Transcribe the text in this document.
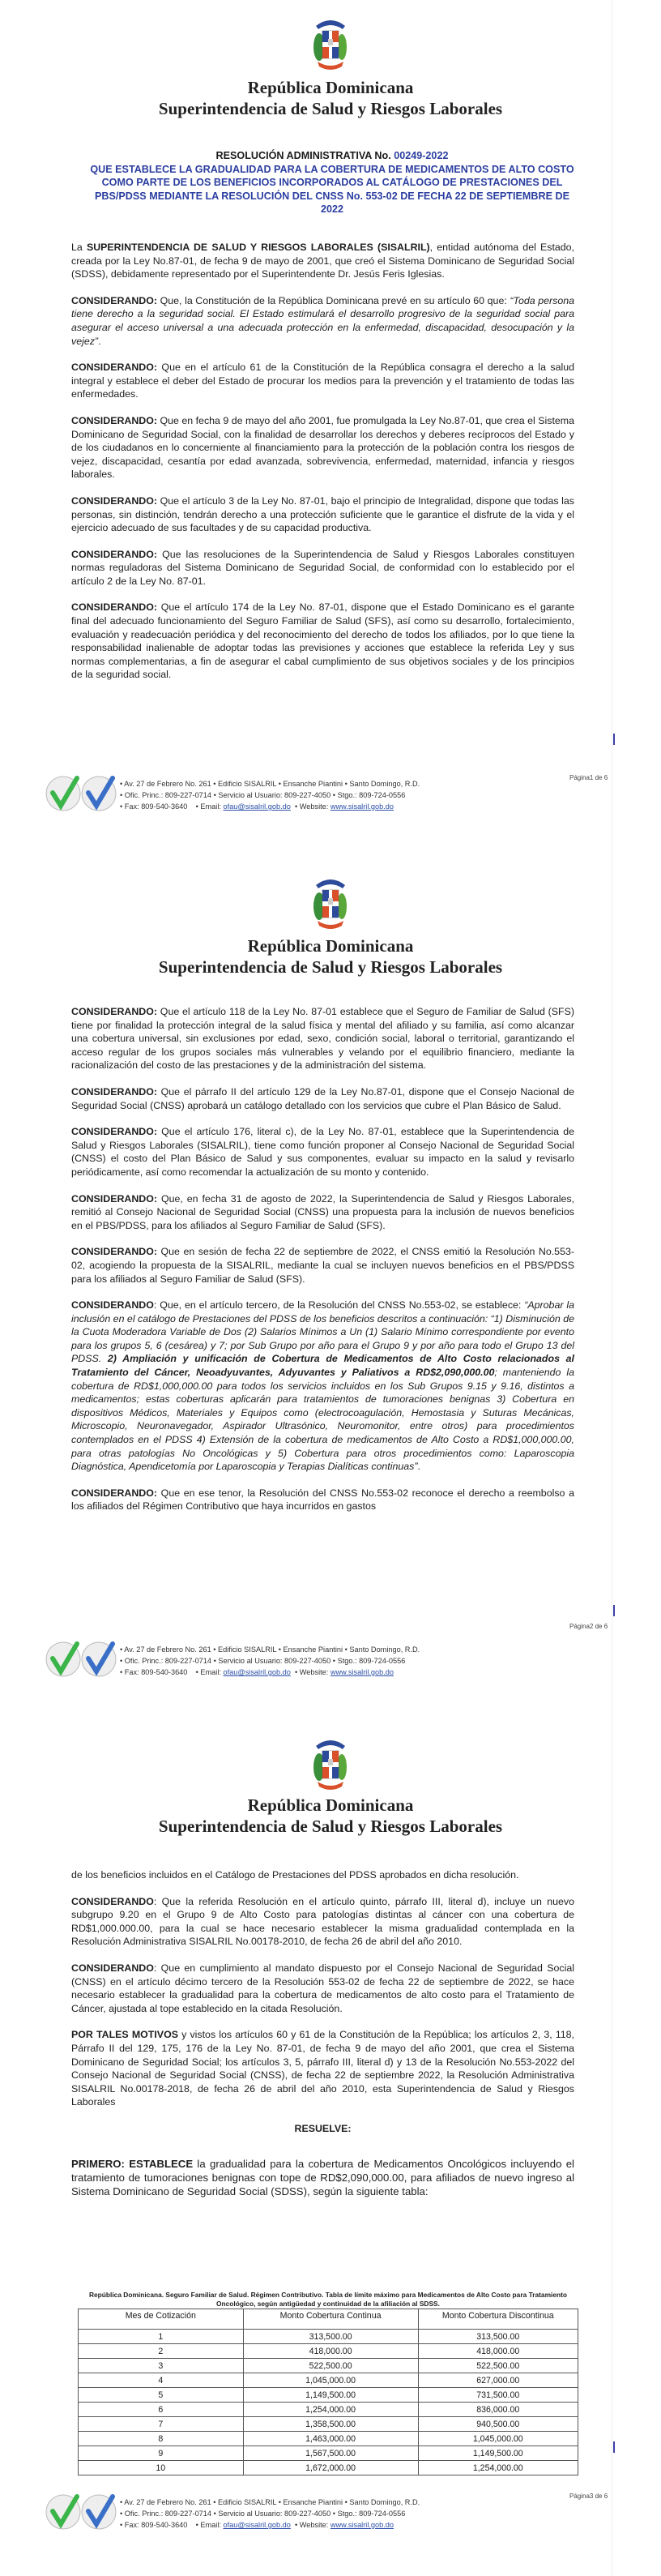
República Dominicana
Superintendencia de Salud y Riesgos Laborales
RESOLUCIÓN ADMINISTRATIVA No. 00249-2022
QUE ESTABLECE LA GRADUALIDAD PARA LA COBERTURA DE MEDICAMENTOS DE ALTO COSTO COMO PARTE DE LOS BENEFICIOS INCORPORADOS AL CATÁLOGO DE PRESTACIONES DEL PBS/PDSS MEDIANTE LA RESOLUCIÓN DEL CNSS No. 553-02 DE FECHA 22 DE SEPTIEMBRE DE 2022

La SUPERINTENDENCIA DE SALUD Y RIESGOS LABORALES (SISALRIL), entidad autónoma del Estado, creada por la Ley No.87-01, de fecha 9 de mayo de 2001, que creó el Sistema Dominicano de Seguridad Social (SDSS), debidamente representado por el Superintendente Dr. Jesús Feris Iglesias.

CONSIDERANDO: Que, la Constitución de la República Dominicana prevé en su artículo 60 que: “Toda persona tiene derecho a la seguridad social. El Estado estimulará el desarrollo progresivo de la seguridad social para asegurar el acceso universal a una adecuada protección en la enfermedad, discapacidad, desocupación y la vejez”.

CONSIDERANDO: Que en el artículo 61 de la Constitución de la República consagra el derecho a la salud integral y establece el deber del Estado de procurar los medios para la prevención y el tratamiento de todas las enfermedades.

CONSIDERANDO: Que en fecha 9 de mayo del año 2001, fue promulgada la Ley No.87-01, que crea el Sistema Dominicano de Seguridad Social, con la finalidad de desarrollar los derechos y deberes recíprocos del Estado y de los ciudadanos en lo concerniente al financiamiento para la protección de la población contra los riesgos de vejez, discapacidad, cesantía por edad avanzada, sobrevivencia, enfermedad, maternidad, infancia y riesgos laborales.

CONSIDERANDO: Que el artículo 3 de la Ley No. 87-01, bajo el principio de Integralidad, dispone que todas las personas, sin distinción, tendrán derecho a una protección suficiente que le garantice el disfrute de la vida y el ejercicio adecuado de sus facultades y de su capacidad productiva.

CONSIDERANDO: Que las resoluciones de la Superintendencia de Salud y Riesgos Laborales constituyen normas reguladoras del Sistema Dominicano de Seguridad Social, de conformidad con lo establecido por el artículo 2 de la Ley No. 87-01.

CONSIDERANDO: Que el artículo 174 de la Ley No. 87-01, dispone que el Estado Dominicano es el garante final del adecuado funcionamiento del Seguro Familiar de Salud (SFS), así como su desarrollo, fortalecimiento, evaluación y readecuación periódica y del reconocimiento del derecho de todos los afiliados, por lo que tiene la responsabilidad inalienable de adoptar todas las previsiones y acciones que establece la referida Ley y sus normas complementarias, a fin de asegurar el cabal cumplimiento de sus objetivos sociales y de los principios de la seguridad social.

Página1 de 6
• Av. 27 de Febrero No. 261 • Edificio SISALRIL • Ensanche Piantini • Santo Domingo, R.D.
• Ofic. Princ.: 809-227-0714 • Servicio al Usuario: 809-227-4050 • Stgo.: 809-724-0556
• Fax: 809-540-3640 • Email: ofau@sisalril.gob.do • Website: www.sisalril.gob.do
República Dominicana
Superintendencia de Salud y Riesgos Laborales

CONSIDERANDO: Que el artículo 118 de la Ley No. 87-01 establece que el Seguro de Familiar de Salud (SFS) tiene por finalidad la protección integral de la salud física y mental del afiliado y su familia, así como alcanzar una cobertura universal, sin exclusiones por edad, sexo, condición social, laboral o territorial, garantizando el acceso regular de los grupos sociales más vulnerables y velando por el equilibrio financiero, mediante la racionalización del costo de las prestaciones y de la administración del sistema.

CONSIDERANDO: Que el párrafo II del artículo 129 de la Ley No.87-01, dispone que el Consejo Nacional de Seguridad Social (CNSS) aprobará un catálogo detallado con los servicios que cubre el Plan Básico de Salud.

CONSIDERANDO: Que el artículo 176, literal c), de la Ley No. 87-01, establece que la Superintendencia de Salud y Riesgos Laborales (SISALRIL), tiene como función proponer al Consejo Nacional de Seguridad Social (CNSS) el costo del Plan Básico de Salud y sus componentes, evaluar su impacto en la salud y revisarlo periódicamente, así como recomendar la actualización de su monto y contenido.

CONSIDERANDO: Que, en fecha 31 de agosto de 2022, la Superintendencia de Salud y Riesgos Laborales, remitió al Consejo Nacional de Seguridad Social (CNSS) una propuesta para la inclusión de nuevos beneficios en el PBS/PDSS, para los afiliados al Seguro Familiar de Salud (SFS).

CONSIDERANDO: Que en sesión de fecha 22 de septiembre de 2022, el CNSS emitió la Resolución No.553-02, acogiendo la propuesta de la SISALRIL, mediante la cual se incluyen nuevos beneficios en el PBS/PDSS para los afiliados al Seguro Familiar de Salud (SFS).

CONSIDERANDO: Que, en el artículo tercero, de la Resolución del CNSS No.553-02, se establece: “Aprobar la inclusión en el catálogo de Prestaciones del PDSS de los beneficios descritos a continuación: “1) Disminución de la Cuota Moderadora Variable de Dos (2) Salarios Mínimos a Un (1) Salario Mínimo correspondiente por evento para los grupos 5, 6 (cesárea) y 7; por Sub Grupo por año para el Grupo 9 y por año para todo el Grupo 13 del PDSS. 2) Ampliación y unificación de Cobertura de Medicamentos de Alto Costo relacionados al Tratamiento del Cáncer, Neoadyuvantes, Adyuvantes y Paliativos a RD$2,090,000.00; manteniendo la cobertura de RD$1,000,000.00 para todos los servicios incluidos en los Sub Grupos 9.15 y 9.16, distintos a medicamentos; estas coberturas aplicarán para tratamientos de tumoraciones benignas 3) Cobertura en dispositivos Médicos, Materiales y Equipos como (electrocoagulación, Hemostasia y Suturas Mecánicas, Microscopio, Neuronavegador, Aspirador Ultrasónico, Neuromonitor, entre otros) para procedimientos contemplados en el PDSS 4) Extensión de la cobertura de medicamentos de Alto Costo a RD$1,000,000.00, para otras patologías No Oncológicas y 5) Cobertura para otros procedimientos como: Laparoscopia Diagnóstica, Apendicetomía por Laparoscopia y Terapias Dialíticas continuas”.

CONSIDERANDO: Que en ese tenor, la Resolución del CNSS No.553-02 reconoce el derecho a reembolso a los afiliados del Régimen Contributivo que haya incurridos en gastos

Página2 de 6
• Av. 27 de Febrero No. 261 • Edificio SISALRIL • Ensanche Piantini • Santo Domingo, R.D.
• Ofic. Princ.: 809-227-0714 • Servicio al Usuario: 809-227-4050 • Stgo.: 809-724-0556
• Fax: 809-540-3640 • Email: ofau@sisalril.gob.do • Website: www.sisalril.gob.do
República Dominicana
Superintendencia de Salud y Riesgos Laborales

de los beneficios incluidos en el Catálogo de Prestaciones del PDSS aprobados en dicha resolución.

CONSIDERANDO: Que la referida Resolución en el artículo quinto, párrafo III, literal d), incluye un nuevo subgrupo 9.20 en el Grupo 9 de Alto Costo para patologías distintas al cáncer con una cobertura de RD$1,000.000.00, para la cual se hace necesario establecer la misma gradualidad contemplada en la Resolución Administrativa SISALRIL No.00178-2010, de fecha 26 de abril del año 2010.

CONSIDERANDO: Que en cumplimiento al mandato dispuesto por el Consejo Nacional de Seguridad Social (CNSS) en el artículo décimo tercero de la Resolución 553-02 de fecha 22 de septiembre de 2022, se hace necesario establecer la gradualidad para la cobertura de medicamentos de alto costo para el Tratamiento de Cáncer, ajustada al tope establecido en la citada Resolución.

POR TALES MOTIVOS y vistos los artículos 60 y 61 de la Constitución de la República; los artículos 2, 3, 118, Párrafo II del 129, 175, 176 de la Ley No. 87-01, de fecha 9 de mayo del año 2001, que crea el Sistema Dominicano de Seguridad Social; los artículos 3, 5, párrafo III, literal d) y 13 de la Resolución No.553-2022 del Consejo Nacional de Seguridad Social (CNSS), de fecha 22 de septiembre 2022, la Resolución Administrativa SISALRIL No.00178-2018, de fecha 26 de abril del año 2010, esta Superintendencia de Salud y Riesgos Laborales

RESUELVE:

PRIMERO: ESTABLECE la gradualidad para la cobertura de Medicamentos Oncológicos incluyendo el tratamiento de tumoraciones benignas con tope de RD$2,090,000.00, para afiliados de nuevo ingreso al Sistema Dominicano de Seguridad Social (SDSS), según la siguiente tabla:

República Dominicana. Seguro Familiar de Salud. Régimen Contributivo. Tabla de límite máximo para Medicamentos de Alto Costo para Tratamiento Oncológico, según antigüedad y continuidad de la afiliación al SDSS.
Mes de Cotización	Monto Cobertura Continua	Monto Cobertura Discontinua
1	313,500.00	313,500.00
2	418,000.00	418,000.00
3	522,500.00	522,500.00
4	1,045,000.00	627,000.00
5	1,149,500.00	731,500.00
6	1,254,000.00	836,000.00
7	1,358,500.00	940,500.00
8	1,463,000.00	1,045,000.00
9	1,567,500.00	1,149,500.00
10	1,672,000.00	1,254,000.00
Página3 de 6
• Av. 27 de Febrero No. 261 • Edificio SISALRIL • Ensanche Piantini • Santo Domingo, R.D.
• Ofic. Princ.: 809-227-0714 • Servicio al Usuario: 809-227-4050 • Stgo.: 809-724-0556
• Fax: 809-540-3640 • Email: ofau@sisalril.gob.do • Website: www.sisalril.gob.do
